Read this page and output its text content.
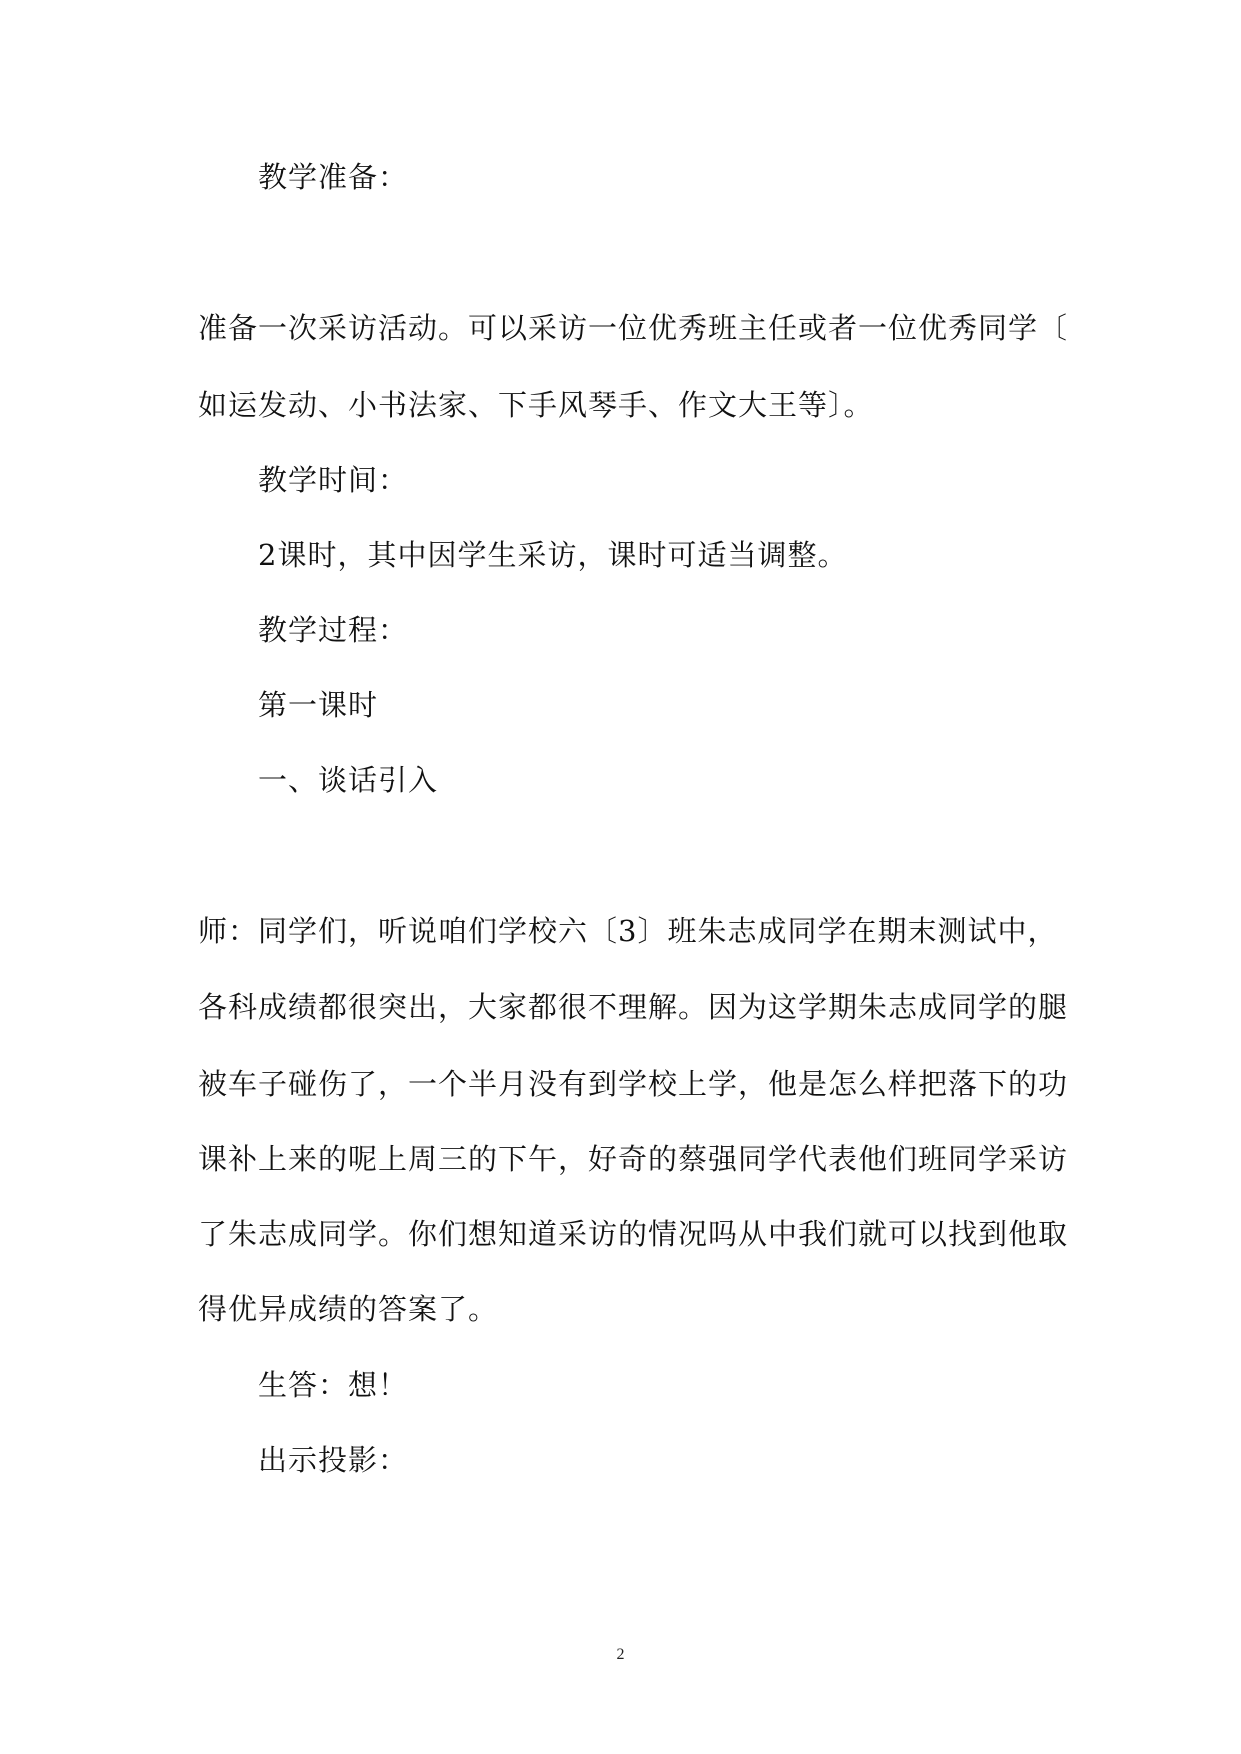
教学准备：
准备一次采访活动。可以采访一位优秀班主任或者一位优秀同学〔
如运发动、小书法家、下手风琴手、作文大王等〕。
教学时间：
2课时，其中因学生采访，课时可适当调整。
教学过程：
第一课时
一、谈话引入
师：同学们，听说咱们学校六〔3〕班朱志成同学在期末测试中，
各科成绩都很突出，大家都很不理解。因为这学期朱志成同学的腿
被车子碰伤了，一个半月没有到学校上学，他是怎么样把落下的功
课补上来的呢上周三的下午，好奇的蔡强同学代表他们班同学采访
了朱志成同学。你们想知道采访的情况吗从中我们就可以找到他取
得优异成绩的答案了。
生答：想！
出示投影：
2
